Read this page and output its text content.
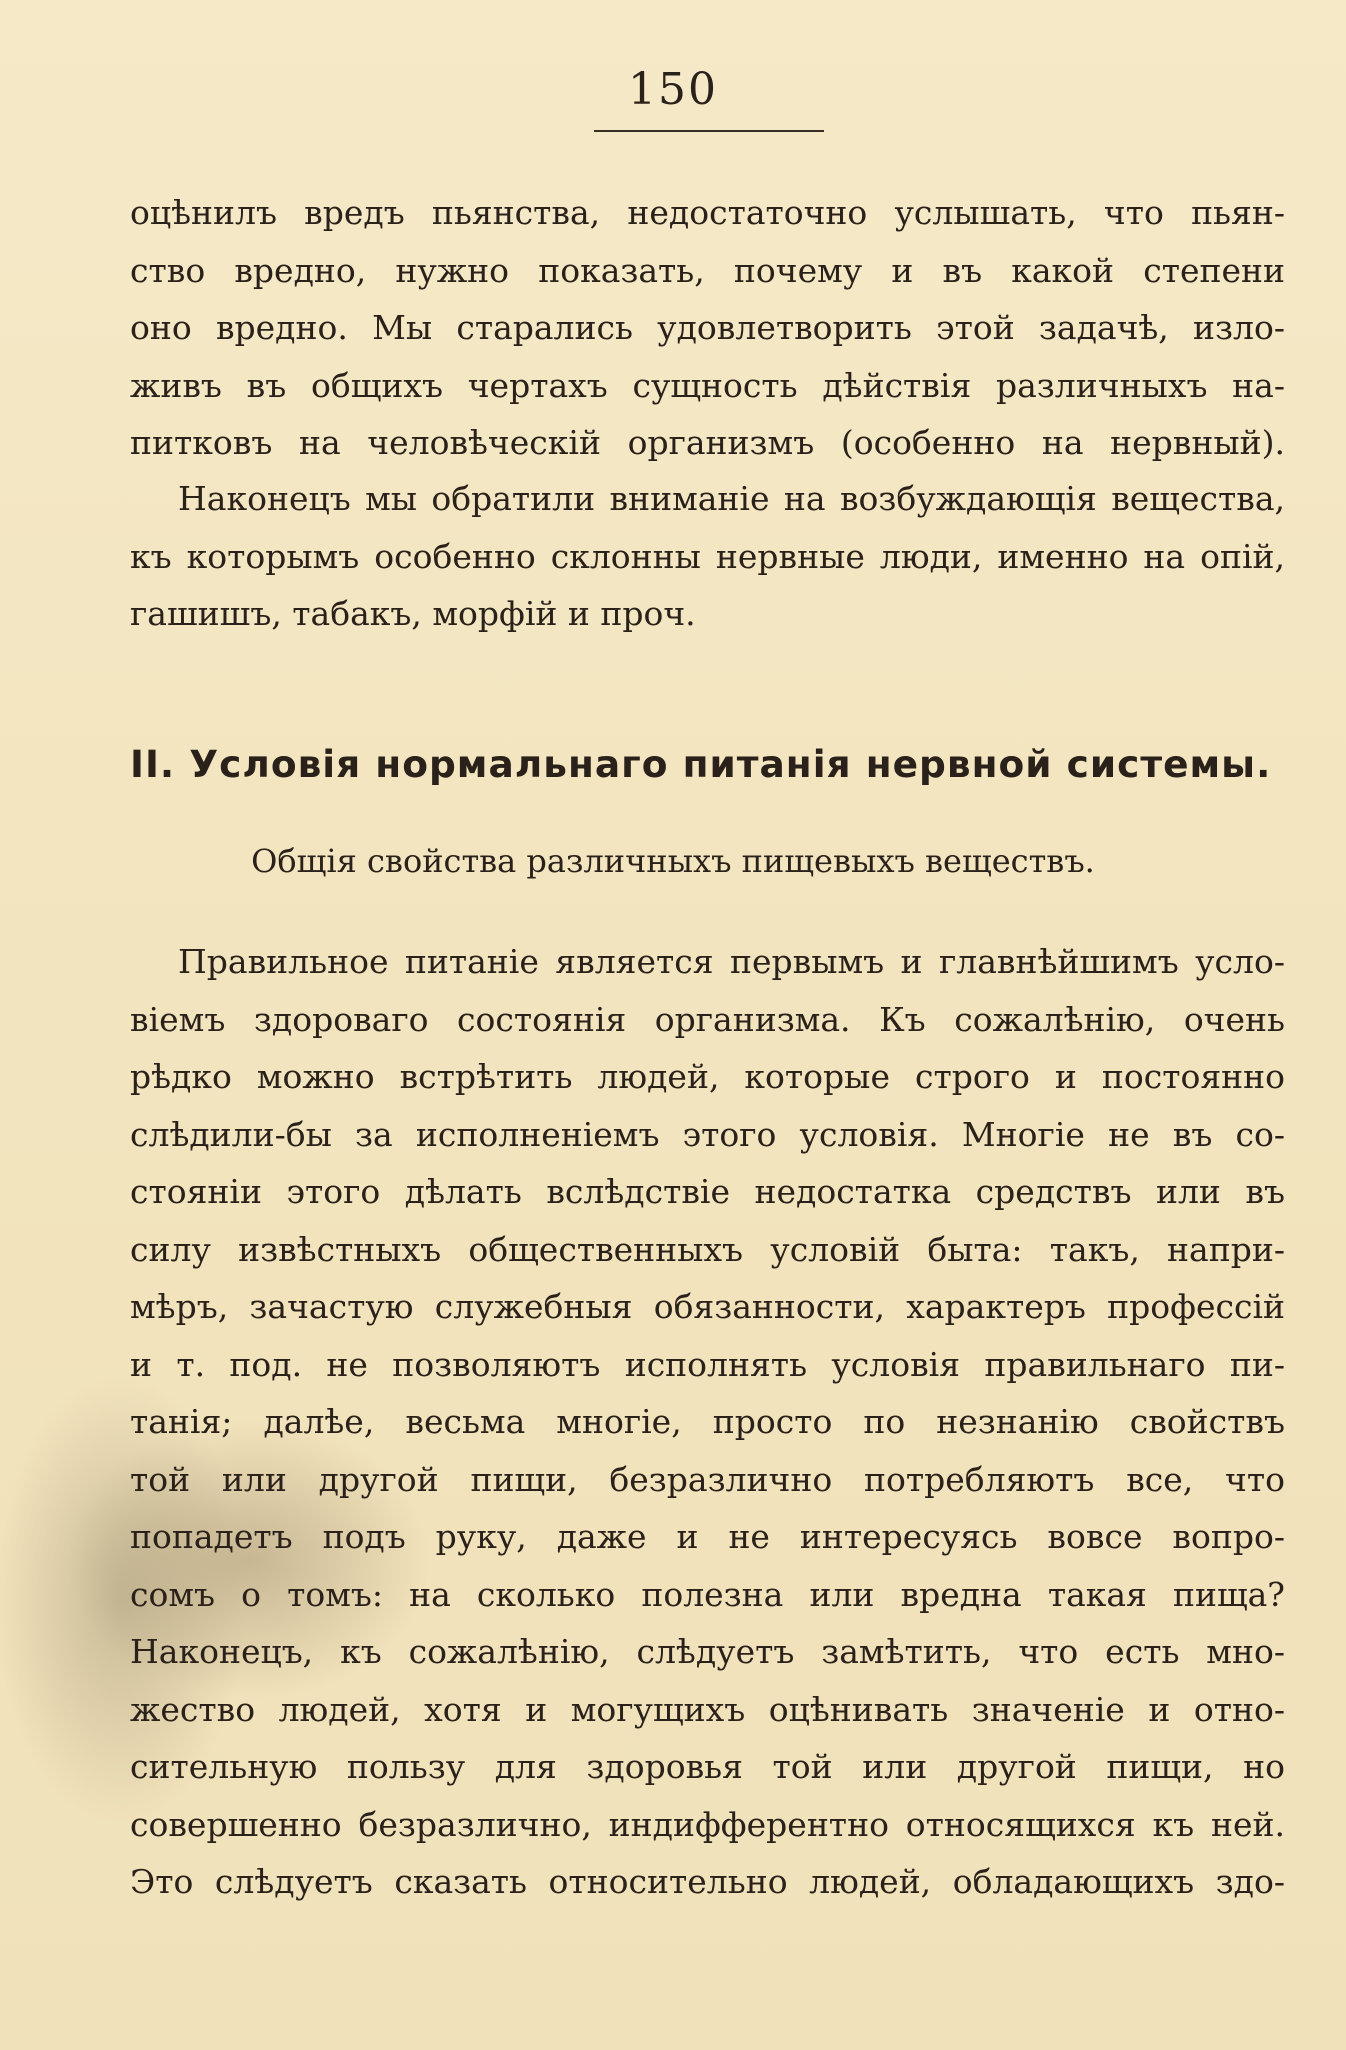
150
оцѣнилъ вредъ пьянства, недостаточно услышать, что пьян-
ство вредно, нужно показать, почему и въ какой степени
оно вредно. Мы старались удовлетворить этой задачѣ, изло-
живъ въ общихъ чертахъ сущность дѣйствія различныхъ на-
питковъ на человѣческій организмъ (особенно на нервный).
Наконецъ мы обратили вниманіе на возбуждающія вещества,
къ которымъ особенно склонны нервные люди, именно на опій,
гашишъ, табакъ, морфій и проч.
II. Условія нормальнаго питанія нервной системы.
Общія свойства различныхъ пищевыхъ веществъ.
Правильное питаніе является первымъ и главнѣйшимъ усло-
віемъ здороваго состоянія организма. Къ сожалѣнію, очень
рѣдко можно встрѣтить людей, которые строго и постоянно
слѣдили-бы за исполненіемъ этого условія. Многіе не въ со-
стояніи этого дѣлать вслѣдствіе недостатка средствъ или въ
силу извѣстныхъ общественныхъ условій быта: такъ, напри-
мѣръ, зачастую служебныя обязанности, характеръ профессій
и т. под. не позволяютъ исполнять условія правильнаго пи-
танія; далѣе, весьма многіе, просто по незнанію свойствъ
той или другой пищи, безразлично потребляютъ все, что
попадетъ подъ руку, даже и не интересуясь вовсе вопро-
сомъ о томъ: на сколько полезна или вредна такая пища?
Наконецъ, къ сожалѣнію, слѣдуетъ замѣтить, что есть мно-
жество людей, хотя и могущихъ оцѣнивать значеніе и отно-
сительную пользу для здоровья той или другой пищи, но
совершенно безразлично, индифферентно относящихся къ ней.
Это слѣдуетъ сказать относительно людей, обладающихъ здо-
